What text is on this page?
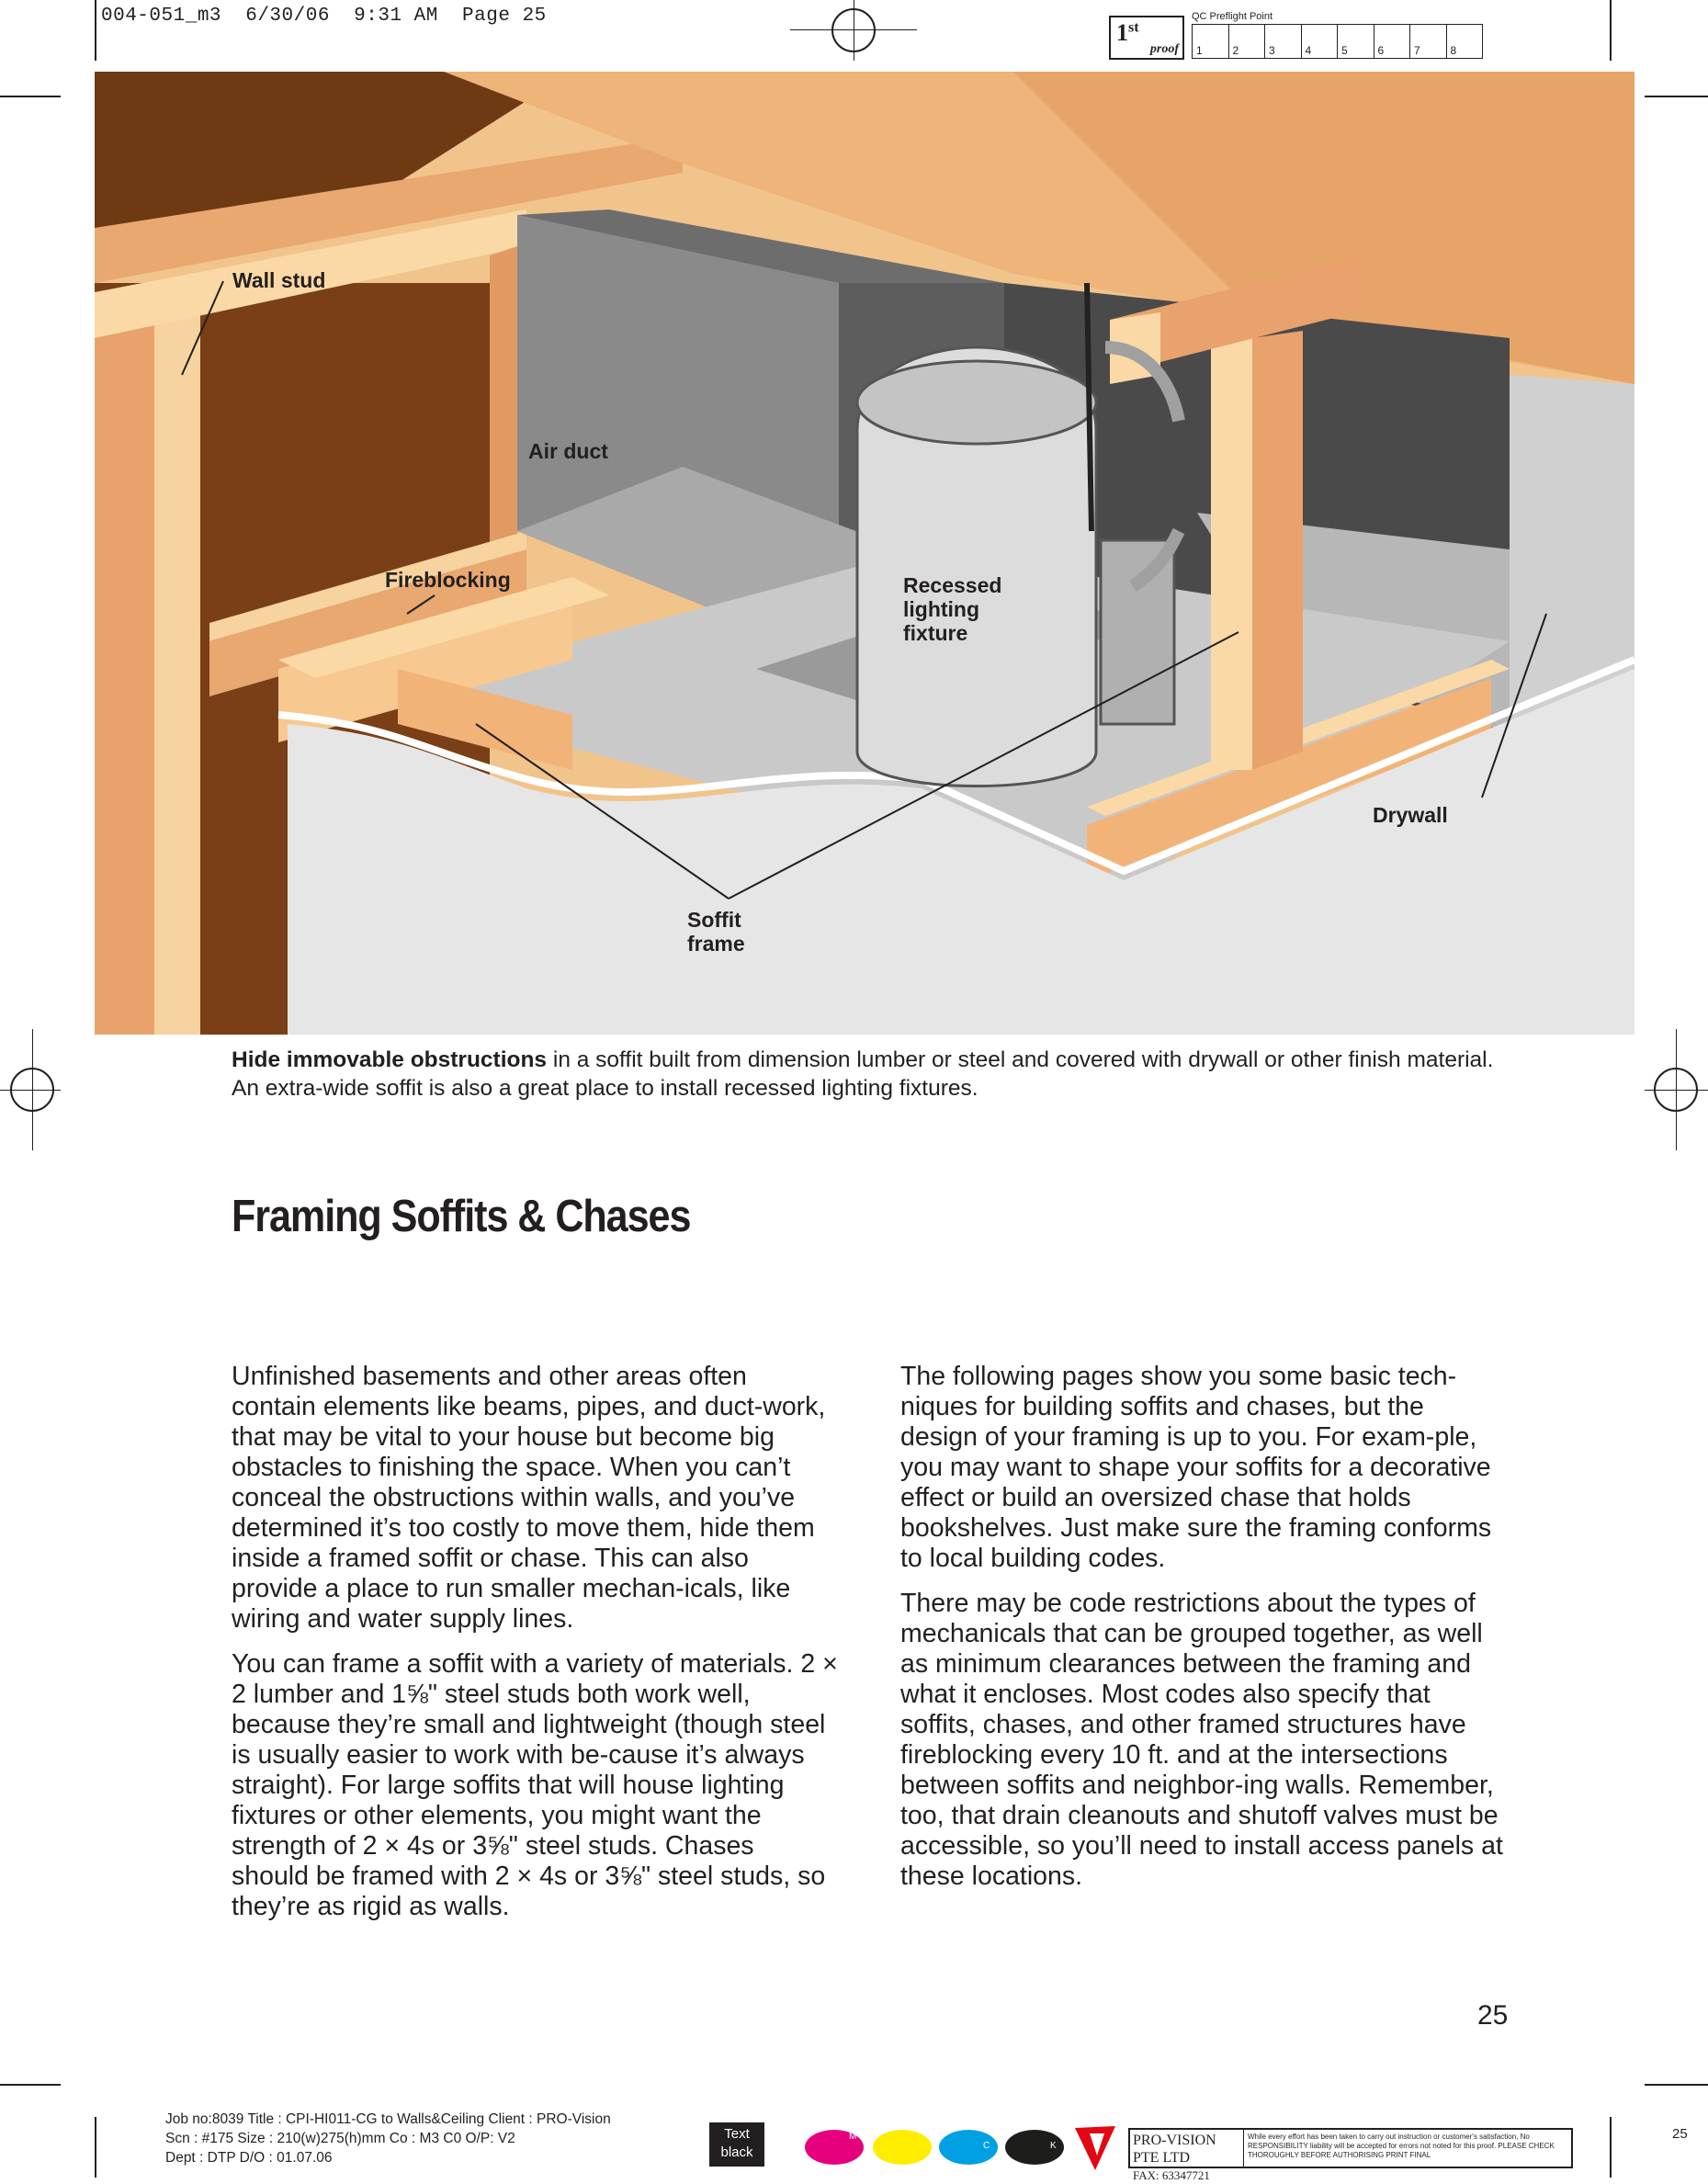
004-051_m3  6/30/06  9:31 AM  Page 25
1st
proof
QC Preflight Point
1	2	3	4	5	6	7	8
Wall stud
Air duct
Fireblocking	Recessed
lighting
fixture
Drywall
Soffit
frame
Hide immovable obstructions in a soffit built from dimension lumber or steel and covered with drywall or other finish material. An extra-wide soffit is also a great place to install recessed lighting fixtures.
Framing Soffits & Chases

Unfinished basements and other areas often contain elements like beams, pipes, and duct-work, that may be vital to your house but become big obstacles to finishing the space. When you can’t conceal the obstructions within walls, and you’ve determined it’s too costly to move them, hide them inside a framed soffit or chase. This can also provide a place to run smaller mechan-icals, like wiring and water supply lines.

You can frame a soffit with a variety of materials. 2 × 2 lumber and 1⅝" steel studs both work well, because they’re small and lightweight (though steel is usually easier to work with be-cause it’s always straight). For large soffits that will house lighting fixtures or other elements, you might want the strength of 2 × 4s or 3⅝" steel studs. Chases should be framed with 2 × 4s or 3⅝" steel studs, so they’re as rigid as walls.

The following pages show you some basic tech-niques for building soffits and chases, but the design of your framing is up to you. For exam-ple, you may want to shape your soffits for a decorative effect or build an oversized chase that holds bookshelves. Just make sure the framing conforms to local building codes.

There may be code restrictions about the types of mechanicals that can be grouped together, as well as minimum clearances between the framing and what it encloses. Most codes also specify that soffits, chases, and other framed structures have fireblocking every 10 ft. and at the intersections between soffits and neighbor-ing walls. Remember, too, that drain cleanouts and shutoff valves must be accessible, so you’ll need to install access panels at these locations.

25
Job no:8039 Title : CPI-HI011-CG to Walls&Ceiling Client : PRO-Vision
Scn : #175 Size : 210(w)275(h)mm Co : M3 C0 O/P: V2
Dept : DTP D/O : 01.07.06
Text
black
M
C	K	PRO-VISION PTE LTD
FAX: 63347721
While every effort has been taken to carry out instruction or customer's satisfaction, No RESPONSIBILITY liability will be accepted for errors not noted for this proof. PLEASE CHECK THOROUGHLY BEFORE AUTHORISING PRINT FINAL
25
